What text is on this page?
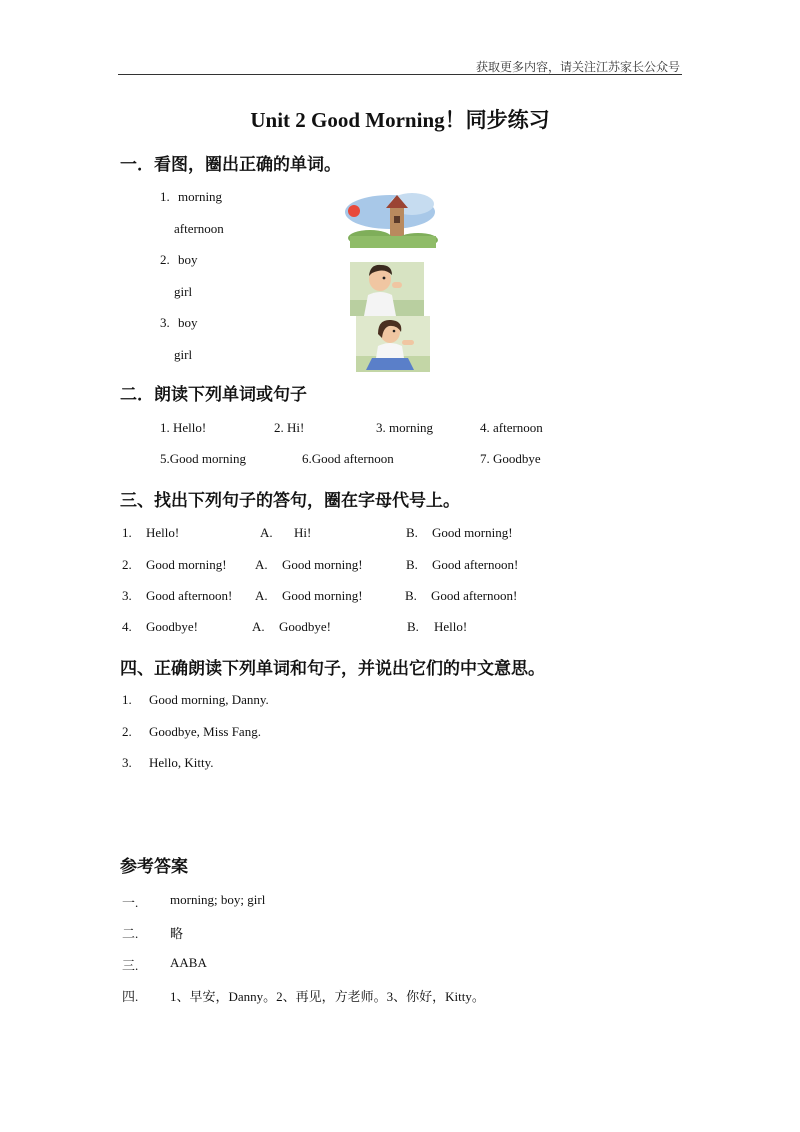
获取更多内容，请关注江苏家长公众号
Unit 2 Good Morning！同步练习
一．看图，圈出正确的单词。
1. morning
afternoon
2. boy
girl
3. boy
girl
二．朗读下列单词或句子
1. Hello!	2. Hi!	3. morning	4. afternoon
5.Good morning	6.Good afternoon	7. Goodbye
三、找出下列句子的答句，圈在字母代号上。
1. Hello!	A. Hi!	B. Good morning!
2. Good morning! A. Good morning!	B. Good afternoon!
3. Good afternoon! A. Good morning!	B. Good afternoon!
4. Goodbye!	A. Goodbye!	B. Hello!
四、正确朗读下列单词和句子，并说出它们的中文意思。
1. Good morning, Danny.
2. Goodbye, Miss Fang.
3. Hello, Kitty.
参考答案
一. morning; boy; girl
二. 略
三. AABA
四. 1、早安，Danny。2、再见，方老师。3、你好，Kitty。
